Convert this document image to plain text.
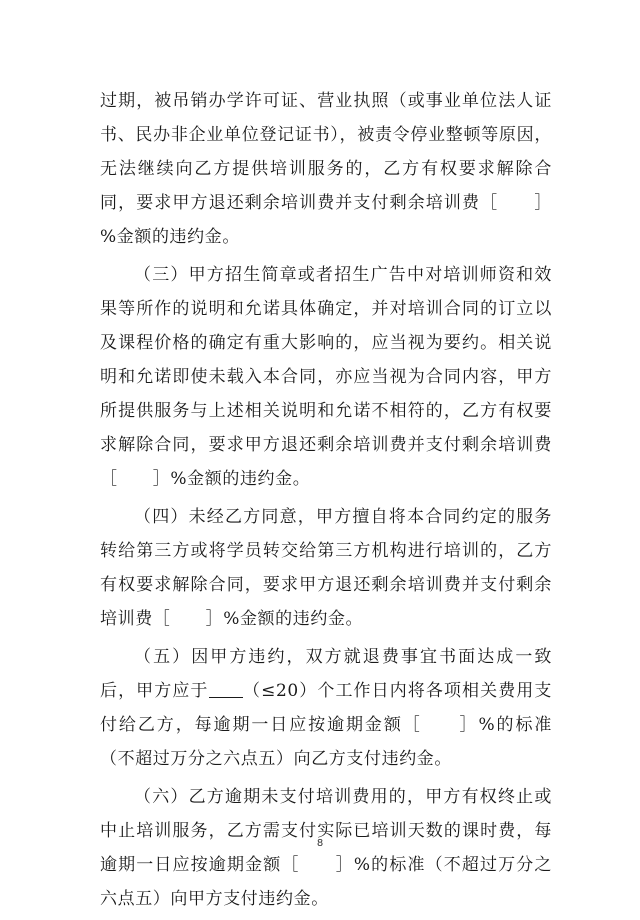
过期，被吊销办学许可证、营业执照（或事业单位法人证书、民办非企业单位登记证书），被责令停业整顿等原因，无法继续向乙方提供培训服务的，乙方有权要求解除合同，要求甲方退还剩余培训费并支付剩余培训费［　　］%金额的违约金。

（三）甲方招生简章或者招生广告中对培训师资和效果等所作的说明和允诺具体确定，并对培训合同的订立以及课程价格的确定有重大影响的，应当视为要约。相关说明和允诺即使未载入本合同，亦应当视为合同内容，甲方所提供服务与上述相关说明和允诺不相符的，乙方有权要求解除合同，要求甲方退还剩余培训费并支付剩余培训费［　　］%金额的违约金。

（四）未经乙方同意，甲方擅自将本合同约定的服务转给第三方或将学员转交给第三方机构进行培训的，乙方有权要求解除合同，要求甲方退还剩余培训费并支付剩余培训费［　　］%金额的违约金。

（五）因甲方违约，双方就退费事宜书面达成一致后，甲方应于 （≤20）个工作日内将各项相关费用支付给乙方，每逾期一日应按逾期金额［　　］%的标准（不超过万分之六点五）向乙方支付违约金。

（六）乙方逾期未支付培训费用的，甲方有权终止或中止培训服务，乙方需支付实际已培训天数的课时费，每逾期一日应按逾期金额［　　］%的标准（不超过万分之六点五）向甲方支付违约金。

8
